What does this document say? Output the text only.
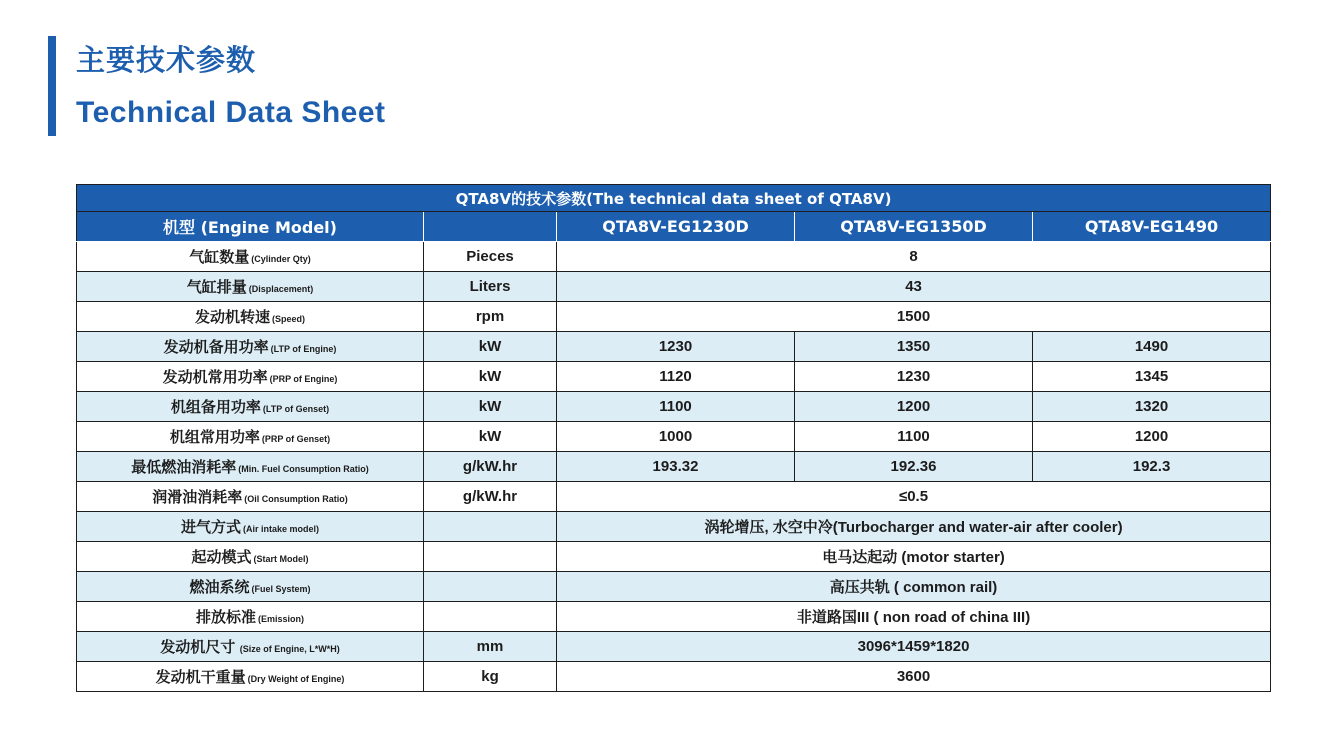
主要技术参数
Technical Data Sheet
QTA8V的技术参数(The technical data sheet of QTA8V)				
机型 (Engine Model)		QTA8V-EG1230D	QTA8V-EG1350D	QTA8V-EG1490
气缸数量 (Cylinder Qty)	Pieces	8		
气缸排量 (Displacement)	Liters	43		
发动机转速 (Speed)	rpm	1500		
发动机备用功率 (LTP of Engine)	kW	1230	1350	1490
发动机常用功率 (PRP of Engine)	kW	1120	1230	1345
机组备用功率 (LTP of Genset)	kW	1100	1200	1320
机组常用功率 (PRP of Genset)	kW	1000	1100	1200
最低燃油消耗率 (Min. Fuel Consumption Ratio)	g/kW.hr	193.32	192.36	192.3
润滑油消耗率 (Oil Consumption Ratio)	g/kW.hr	≤0.5		
进气方式 (Air intake model)		涡轮增压, 水空中冷(Turbocharger and water-air after cooler)		
起动模式 (Start Model)		电马达起动 (motor starter)		
燃油系统 (Fuel System)		高压共轨 ( common rail)		
排放标准 (Emission)		非道路国III ( non road of china III)		
发动机尺寸 (Size of Engine, L*W*H)	mm	3096*1459*1820		
发动机干重量 (Dry Weight of Engine)	kg	3600		
